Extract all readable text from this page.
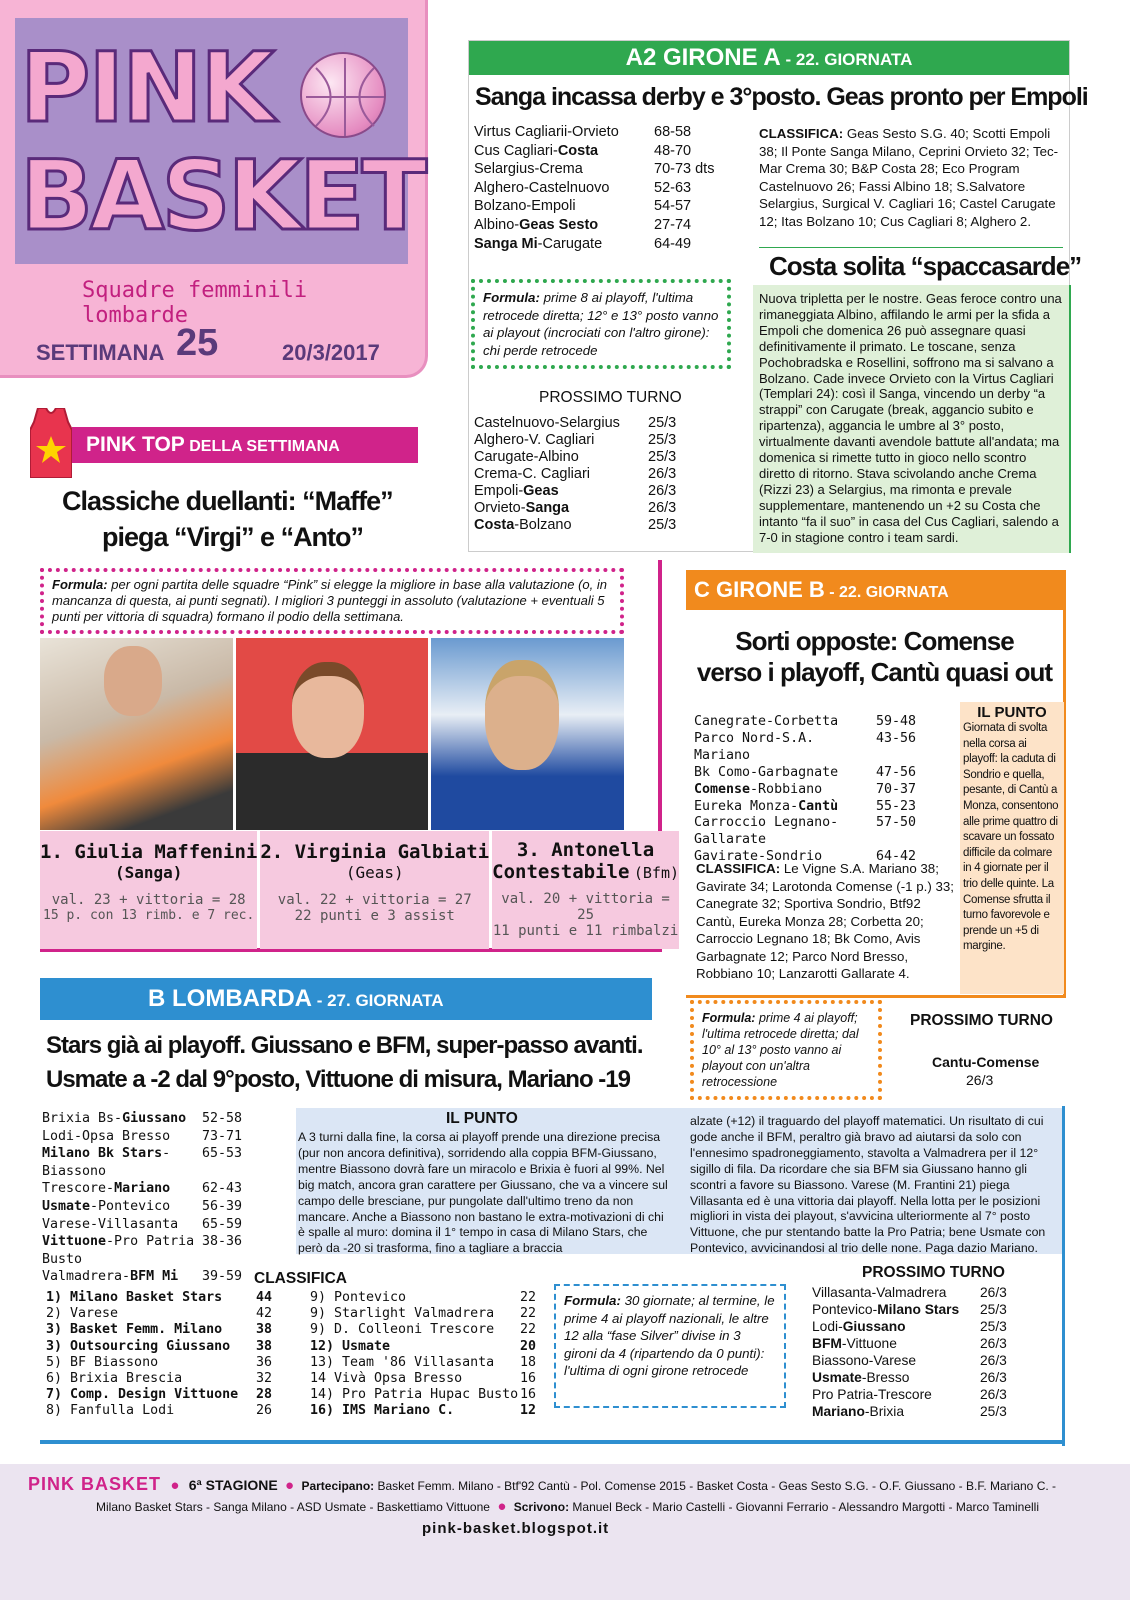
PINK
BASKET
Squadre femminili lombarde
SETTIMANA 25	20/3/2017
A2 GIRONE A - 22. GIORNATA
Sanga incassa derby e 3°posto. Geas pronto per Empoli
Virtus Cagliarii-Orvieto 68-58
Cus Cagliari-Costa	48-70
Selargius-Crema	70-73 dts
Alghero-Castelnuovo	52-63
Bolzano-Empoli	54-57
Albino-Geas Sesto	27-74
Sanga Mi-Carugate	64-49
CLASSIFICA: Geas Sesto S.G. 40; Scotti Empoli 38; Il Ponte Sanga Milano, Ceprini Orvieto 32; Tec-Mar Crema 30; B&P Costa 28; Eco Program Castelnuovo 26; Fassi Albino 18; S.Salvatore Selargius, Surgical V. Cagliari 16; Castel Carugate 12; Itas Bolzano 10; Cus Cagliari 8; Alghero 2.
Formula: prime 8 ai playoff, l'ultima retrocede diretta; 12° e 13° posto vanno ai playout (incrociati con l'altro girone): chi perde retrocede
PROSSIMO TURNO
Castelnuovo-Selargius 25/3
Alghero-V. Cagliari	25/3
Carugate-Albino	25/3
Crema-C. Cagliari	26/3
Empoli-Geas	26/3
Orvieto-Sanga	26/3
Costa-Bolzano	25/3
Costa solita “spaccasarde”
Nuova tripletta per le nostre. Geas feroce contro una rimaneggiata Albino, affilando le armi per la sfida a Empoli che domenica 26 può assegnare quasi definitivamente il primato. Le toscane, senza Pochobradska e Rosellini, soffrono ma si salvano a Bolzano. Cade invece Orvieto con la Virtus Cagliari (Templari 24): così il Sanga, vincendo un derby “a strappi” con Carugate (break, aggancio subito e ripartenza), aggancia le umbre al 3° posto, virtualmente davanti avendole battute all'andata; ma domenica si rimette tutto in gioco nello scontro diretto di ritorno. Stava scivolando anche Crema (Rizzi 23) a Selargius, ma rimonta e prevale supplementare, mantenendo un +2 su Costa che intanto “fa il suo” in casa del Cus Cagliari, salendo a 7-0 in stagione contro i team sardi.
PINK TOP DELLA SETTIMANA
Classiche duellanti: “Maffe”
piega “Virgi” e “Anto”
Formula: per ogni partita delle squadre “Pink” si elegge la migliore in base alla valutazione (o, in mancanza di questa, ai punti segnati). I migliori 3 punteggi in assoluto (valutazione + eventuali 5 punti per vittoria di squadra) formano il podio della settimana.
1. Giulia Maffenini
(Sanga)
val. 23 + vittoria = 28
15 p. con 13 rimb. e 7 rec.
2. Virginia Galbiati
(Geas)
val. 22 + vittoria = 27
22 punti e 3 assist
3. Antonella
Contestabile (Bfm)
val. 20 + vittoria = 25
11 punti e 11 rimbalzi
C GIRONE B - 22. GIORNATA
Sorti opposte: Comense
verso i playoff, Cantù quasi out
Canegrate-Corbetta	59-48
Parco Nord-S.A. Mariano
43-56
Bk Como-Garbagnate	47-56
Comense-Robbiano	70-37
Eureka Monza-Cantù	55-23
Carroccio Legnano-Gallarate
57-50
Gavirate-Sondrio	64-42
IL PUNTO
Giornata di svolta nella corsa ai playoff: la caduta di Sondrio e quella, pesante, di Cantù a Monza, consentono alle prime quattro di scavare un fossato difficile da colmare in 4 giornate per il trio delle quinte. La Comense sfrutta il turno favorevole e prende un +5 di margine.
CLASSIFICA: Le Vigne S.A. Mariano 38; Gavirate 34; Larotonda Comense (-1 p.) 33; Canegrate 32; Sportiva Sondrio, Btf92 Cantù, Eureka Monza 28; Corbetta 20; Carroccio Legnano 18; Bk Como, Avis Garbagnate 12; Parco Nord Bresso, Robbiano 10; Lanzarotti Gallarate 4.
Formula: prime 4 ai playoff; l'ultima retrocede diretta; dal 10° al 13° posto vanno ai playout con un'altra retrocessione
PROSSIMO TURNO
Cantu-Comense
26/3
B LOMBARDA - 27. GIORNATA
Stars già ai playoff. Giussano e BFM, super-passo avanti.
Usmate a -2 dal 9°posto, Vittuone di misura, Mariano -19
Brixia Bs-Giussano 52-58
Lodi-Opsa Bresso 73-71
Milano Bk Stars-Biassono
65-53
Trescore-Mariano 62-43
Usmate-Pontevico 56-39
Varese-Villasanta 65-59
Vittuone-Pro Patria Busto
38-36
Valmadrera-BFM Mi 39-59
IL PUNTO
A 3 turni dalla fine, la corsa ai playoff prende una direzione precisa (pur non ancora definitiva), sorridendo alla coppia BFM-Giussano, mentre Biassono dovrà fare un miracolo e Brixia è fuori al 99%. Nel big match, ancora gran carattere per Giussano, che va a vincere sul campo delle bresciane, pur pungolate dall'ultimo treno da non mancare. Anche a Biassono non bastano le extra-motivazioni di chi è spalle al muro: domina il 1° tempo in casa di Milano Stars, che però da -20 si trasforma, fino a tagliare a braccia
alzate (+12) il traguardo del playoff matematici. Un risultato di cui gode anche il BFM, peraltro già bravo ad aiutarsi da solo con l'ennesimo spadroneggiamento, stavolta a Valmadrera per il 12° sigillo di fila. Da ricordare che sia BFM sia Giussano hanno gli scontri a favore su Biassono. Varese (M. Frantini 21) piega Villasanta ed è una vittoria dai playoff. Nella lotta per le posizioni migliori in vista dei playout, s'avvicina ulteriormente al 7° posto Vittuone, che pur stentando batte la Pro Patria; bene Usmate con Pontevico, avvicinandosi al trio delle none. Paga dazio Mariano.
CLASSIFICA
1) Milano Basket Stars	44
2) Varese	42
3) Basket Femm. Milano	38
3) Outsourcing Giussano 38
5) BF Biassono	36
6) Brixia Brescia	32
7) Comp. Design Vittuone 28
8) Fanfulla Lodi	26
9) Pontevico	22
9) Starlight Valmadrera 22
9) D. Colleoni Trescore 22
12) Usmate	20
13) Team '86 Villasanta 18
14 Vivà Opsa Bresso	16
14) Pro Patria Hupac Busto 16
16) IMS Mariano C.	12
Formula: 30 giornate; al termine, le prime 4 ai playoff nazionali, le altre 12 alla “fase Silver” divise in 3 gironi da 4 (ripartendo da 0 punti): l'ultima di ogni girone retrocede
PROSSIMO TURNO
Villasanta-Valmadrera 26/3
Pontevico-Milano Stars 25/3
Lodi-Giussano	25/3
BFM-Vittuone	26/3
Biassono-Varese	26/3
Usmate-Bresso	26/3
Pro Patria-Trescore	26/3
Mariano-Brixia	25/3
PINK BASKET ● 6ª STAGIONE ● Partecipano: Basket Femm. Milano - Btf'92 Cantù - Pol. Comense 2015 - Basket Costa - Geas Sesto S.G. - O.F. Giussano - B.F. Mariano C. -
Milano Basket Stars - Sanga Milano - ASD Usmate - Baskettiamo Vittuone ● Scrivono: Manuel Beck - Mario Castelli - Giovanni Ferrario - Alessandro Margotti - Marco Taminelli
pink-basket.blogspot.it
